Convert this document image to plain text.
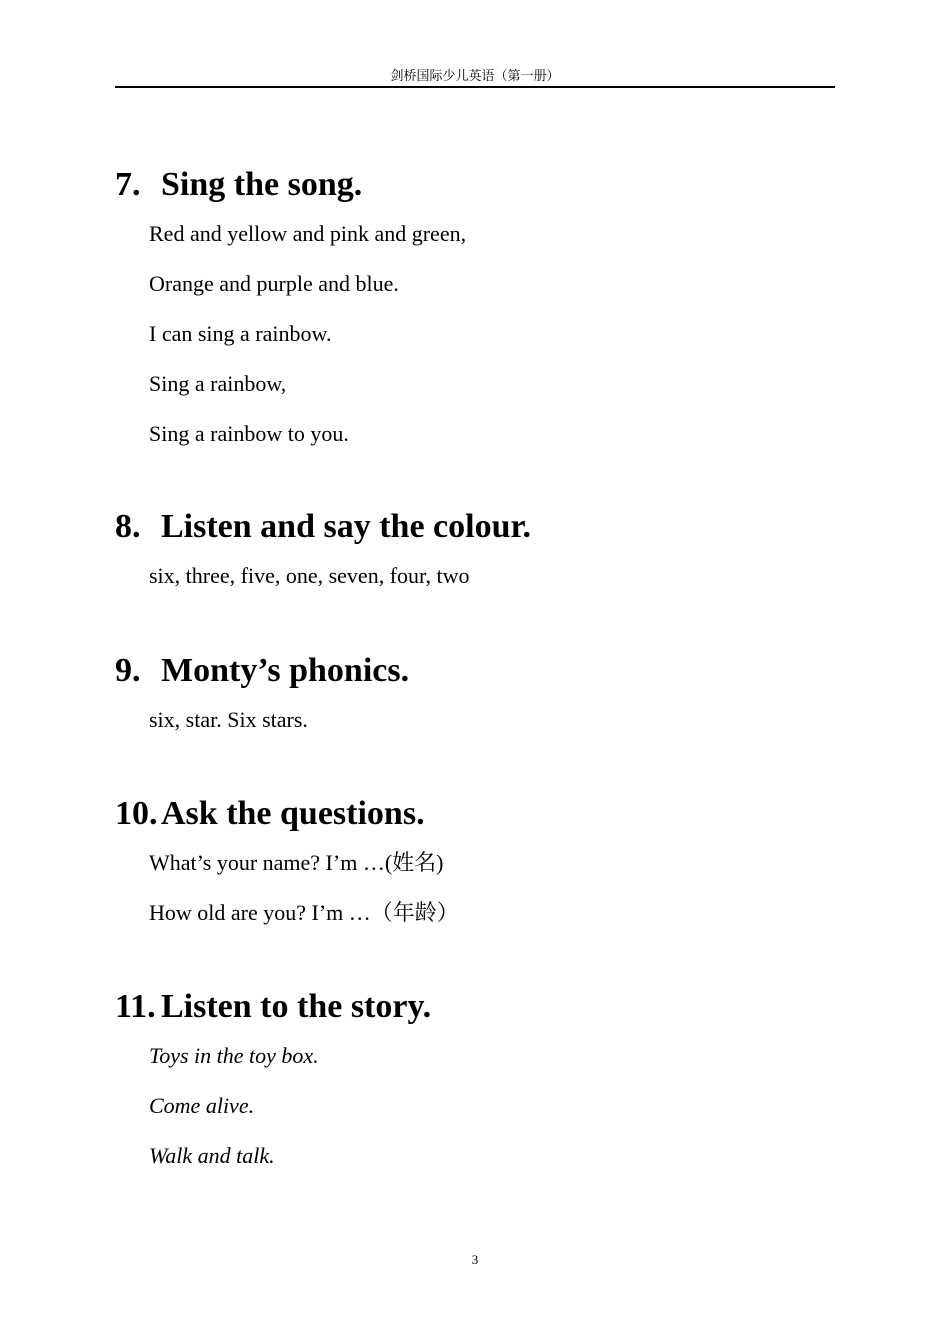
剑桥国际少儿英语（第一册）
7. Sing the song.
Red and yellow and pink and green,
Orange and purple and blue.
I can sing a rainbow.
Sing a rainbow,
Sing a rainbow to you.
8. Listen and say the colour.
six, three, five, one, seven, four, two
9. Monty’s phonics.
six, star. Six stars.
10. Ask the questions.
What’s your name? I’m …(姓名)
How old are you? I’m …（年龄）
11. Listen to the story.
Toys in the toy box.
Come alive.
Walk and talk.
3
